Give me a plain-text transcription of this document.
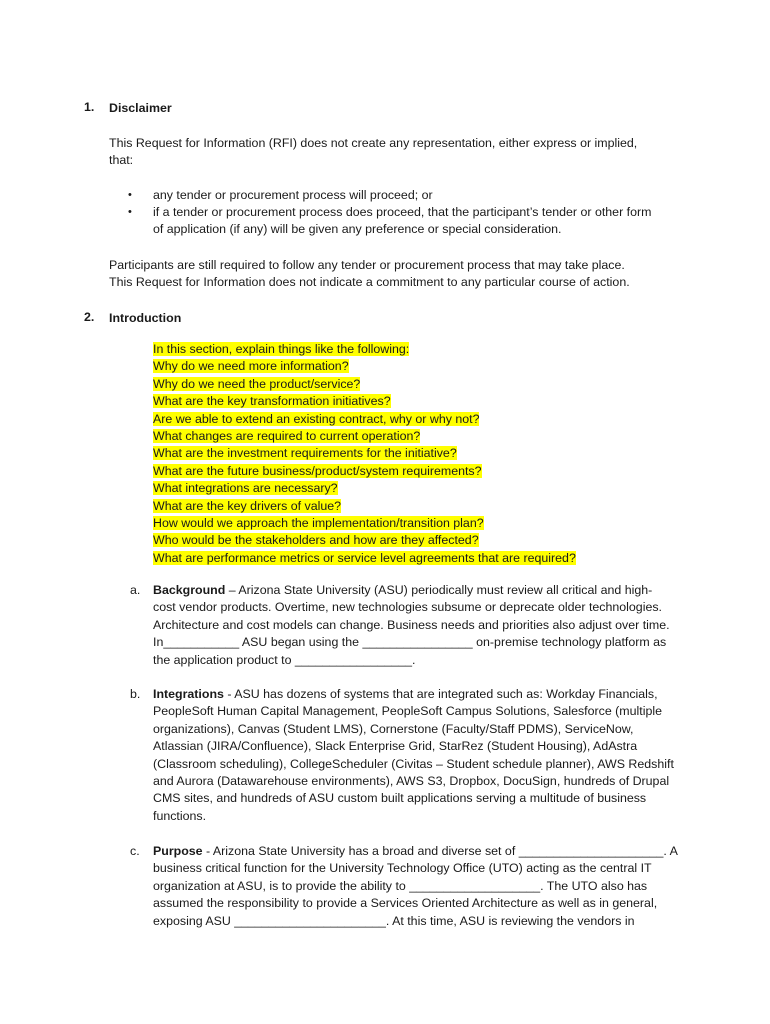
1. Disclaimer
This Request for Information (RFI) does not create any representation, either express or implied,
that:
• any tender or procurement process will proceed; or
• if a tender or procurement process does proceed, that the participant’s tender or other form
of application (if any) will be given any preference or special consideration.
Participants are still required to follow any tender or procurement process that may take place.
This Request for Information does not indicate a commitment to any particular course of action.
2. Introduction
In this section, explain things like the following:
Why do we need more information?
Why do we need the product/service?
What are the key transformation initiatives?
Are we able to extend an existing contract, why or why not?
What changes are required to current operation?
What are the investment requirements for the initiative?
What are the future business/product/system requirements?
What integrations are necessary?
What are the key drivers of value?
How would we approach the implementation/transition plan?
Who would be the stakeholders and how are they affected?
What are performance metrics or service level agreements that are required?
a. Background – Arizona State University (ASU) periodically must review all critical and high-
cost vendor products. Overtime, new technologies subsume or deprecate older technologies.
Architecture and cost models can change. Business needs and priorities also adjust over time.
In___________ ASU began using the ________________ on-premise technology platform as
the application product to _________________.
b. Integrations - ASU has dozens of systems that are integrated such as: Workday Financials,
PeopleSoft Human Capital Management, PeopleSoft Campus Solutions, Salesforce (multiple
organizations), Canvas (Student LMS), Cornerstone (Faculty/Staff PDMS), ServiceNow,
Atlassian (JIRA/Confluence), Slack Enterprise Grid, StarRez (Student Housing), AdAstra
(Classroom scheduling), CollegeScheduler (Civitas – Student schedule planner), AWS Redshift
and Aurora (Datawarehouse environments), AWS S3, Dropbox, DocuSign, hundreds of Drupal
CMS sites, and hundreds of ASU custom built applications serving a multitude of business
functions.
c. Purpose - Arizona State University has a broad and diverse set of _____________________. A
business critical function for the University Technology Office (UTO) acting as the central IT
organization at ASU, is to provide the ability to ___________________. The UTO also has
assumed the responsibility to provide a Services Oriented Architecture as well as in general,
exposing ASU ______________________. At this time, ASU is reviewing the vendors in
